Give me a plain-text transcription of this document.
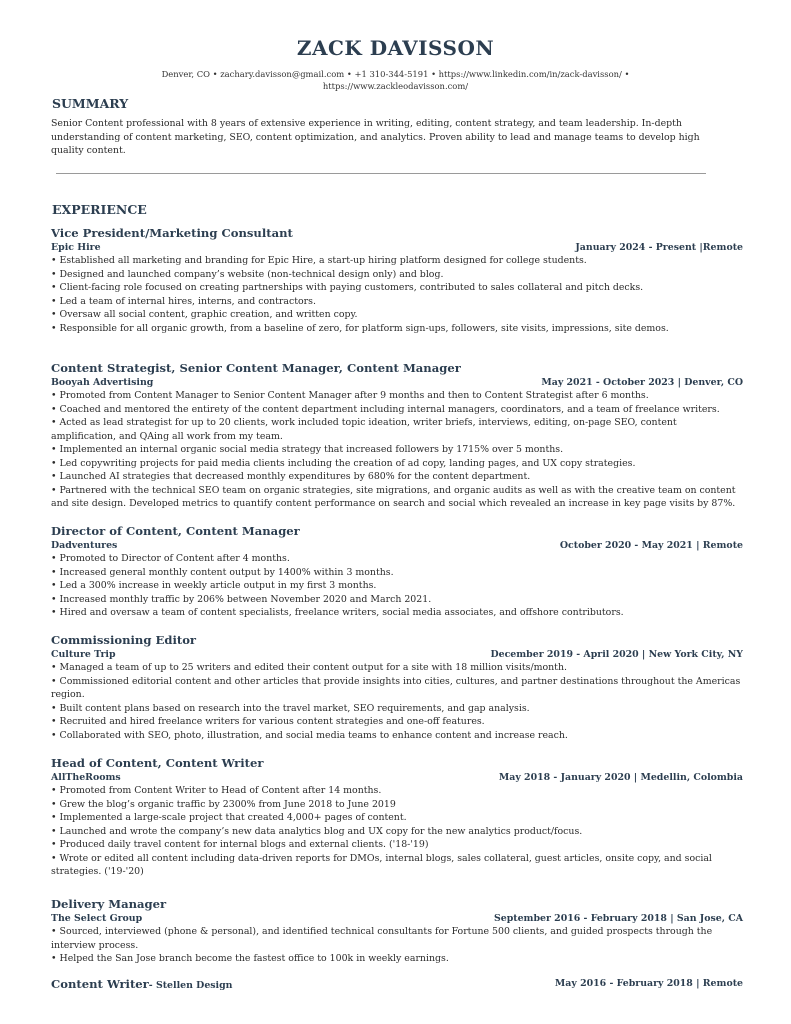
ZACK DAVISSON
Denver, CO • zachary.davisson@gmail.com • +1 310-344-5191 • https://www.linkedin.com/in/zack-davisson/ •
https://www.zackleodavisson.com/
SUMMARY
Senior Content professional with 8 years of extensive experience in writing, editing, content strategy, and team leadership. In-depth understanding of content marketing, SEO, content optimization, and analytics. Proven ability to lead and manage teams to develop high quality content.
EXPERIENCE
Vice President/Marketing Consultant
Epic Hire	January 2024 - Present |Remote
• Established all marketing and branding for Epic Hire, a start-up hiring platform designed for college students.
• Designed and launched company’s website (non-technical design only) and blog.
• Client-facing role focused on creating partnerships with paying customers, contributed to sales collateral and pitch decks.
• Led a team of internal hires, interns, and contractors.
• Oversaw all social content, graphic creation, and written copy.
• Responsible for all organic growth, from a baseline of zero, for platform sign-ups, followers, site visits, impressions, site demos.
Content Strategist, Senior Content Manager, Content Manager
Booyah Advertising	May 2021 - October 2023 | Denver, CO
• Promoted from Content Manager to Senior Content Manager after 9 months and then to Content Strategist after 6 months.
• Coached and mentored the entirety of the content department including internal managers, coordinators, and a team of freelance writers.
• Acted as lead strategist for up to 20 clients, work included topic ideation, writer briefs, interviews, editing, on-page SEO, content amplification, and QAing all work from my team.
• Implemented an internal organic social media strategy that increased followers by 1715% over 5 months.
• Led copywriting projects for paid media clients including the creation of ad copy, landing pages, and UX copy strategies.
• Launched AI strategies that decreased monthly expenditures by 680% for the content department.
• Partnered with the technical SEO team on organic strategies, site migrations, and organic audits as well as with the creative team on content and site design. Developed metrics to quantify content performance on search and social which revealed an increase in key page visits by 87%.
Director of Content, Content Manager
Dadventures	October 2020 - May 2021 | Remote
• Promoted to Director of Content after 4 months.
• Increased general monthly content output by 1400% within 3 months.
• Led a 300% increase in weekly article output in my first 3 months.
• Increased monthly traffic by 206% between November 2020 and March 2021.
• Hired and oversaw a team of content specialists, freelance writers, social media associates, and offshore contributors.
Commissioning Editor
Culture Trip	December 2019 - April 2020 | New York City, NY
• Managed a team of up to 25 writers and edited their content output for a site with 18 million visits/month.
• Commissioned editorial content and other articles that provide insights into cities, cultures, and partner destinations throughout the Americas region.
• Built content plans based on research into the travel market, SEO requirements, and gap analysis.
• Recruited and hired freelance writers for various content strategies and one-off features.
• Collaborated with SEO, photo, illustration, and social media teams to enhance content and increase reach.
Head of Content, Content Writer
AllTheRooms	May 2018 - January 2020 | Medellin, Colombia
• Promoted from Content Writer to Head of Content after 14 months.
• Grew the blog’s organic traffic by 2300% from June 2018 to June 2019
• Implemented a large-scale project that created 4,000+ pages of content.
• Launched and wrote the company’s new data analytics blog and UX copy for the new analytics product/focus.
• Produced daily travel content for internal blogs and external clients. ('18-'19)
• Wrote or edited all content including data-driven reports for DMOs, internal blogs, sales collateral, guest articles, onsite copy, and social strategies. ('19-'20)
Delivery Manager
The Select Group	September 2016 - February 2018 | San Jose, CA
• Sourced, interviewed (phone & personal), and identified technical consultants for Fortune 500 clients, and guided prospects through the interview process.
• Helped the San Jose branch become the fastest office to 100k in weekly earnings.
Content Writer- Stellen Design	May 2016 - February 2018 | Remote
